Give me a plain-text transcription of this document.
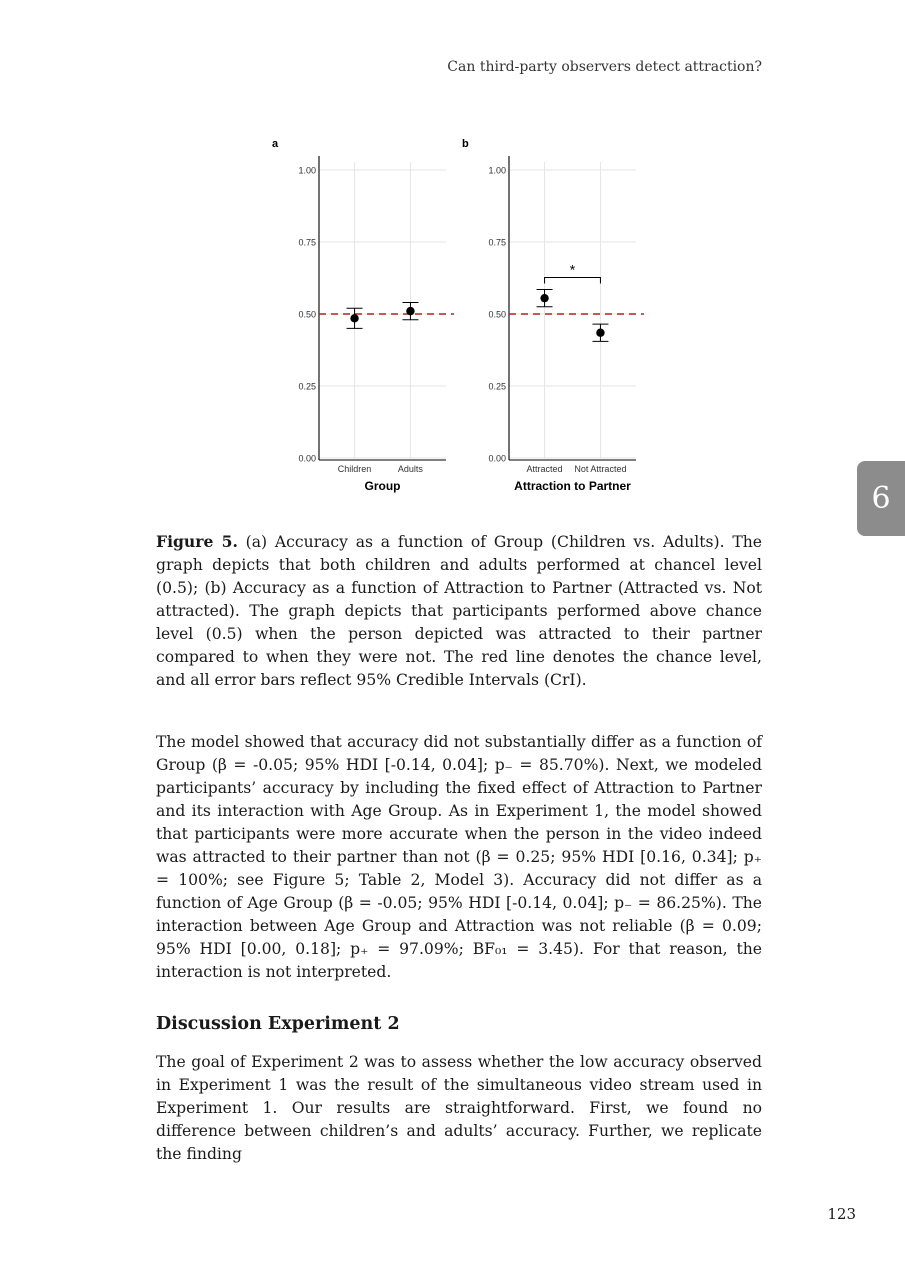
Can third-party observers detect attraction?
6
a
0.00
0.25
0.50
0.75
1.00
Children	Adults
Group
b
0.00
0.25
0.50
0.75
1.00
Attracted Not Attracted
Attraction to Partner
*
Figure 5. (a) Accuracy as a function of Group (Children vs. Adults). The graph depicts that both children and adults performed at chancel level (0.5); (b) Accuracy as a function of Attraction to Partner (Attracted vs. Not attracted). The graph depicts that participants performed above chance level (0.5) when the person depicted was attracted to their partner compared to when they were not. The red line denotes the chance level, and all error bars reflect 95% Credible Intervals (CrI).
The model showed that accuracy did not substantially differ as a function of Group (β = -0.05; 95% HDI [-0.14, 0.04]; p₋ = 85.70%). Next, we modeled participants’ accuracy by including the fixed effect of Attraction to Partner and its interaction with Age Group. As in Experiment 1, the model showed that participants were more accurate when the person in the video indeed was attracted to their partner than not (β = 0.25; 95% HDI [0.16, 0.34]; p₊ = 100%; see Figure 5; Table 2, Model 3). Accuracy did not differ as a function of Age Group (β = -0.05; 95% HDI [-0.14, 0.04]; p₋ = 86.25%). The interaction between Age Group and Attraction was not reliable (β = 0.09; 95% HDI [0.00, 0.18]; p₊ = 97.09%; BF₀₁ = 3.45). For that reason, the interaction is not interpreted.
Discussion Experiment 2
The goal of Experiment 2 was to assess whether the low accuracy observed in Experiment 1 was the result of the simultaneous video stream used in Experiment 1. Our results are straightforward. First, we found no difference between children’s and adults’ accuracy. Further, we replicate the finding
123
